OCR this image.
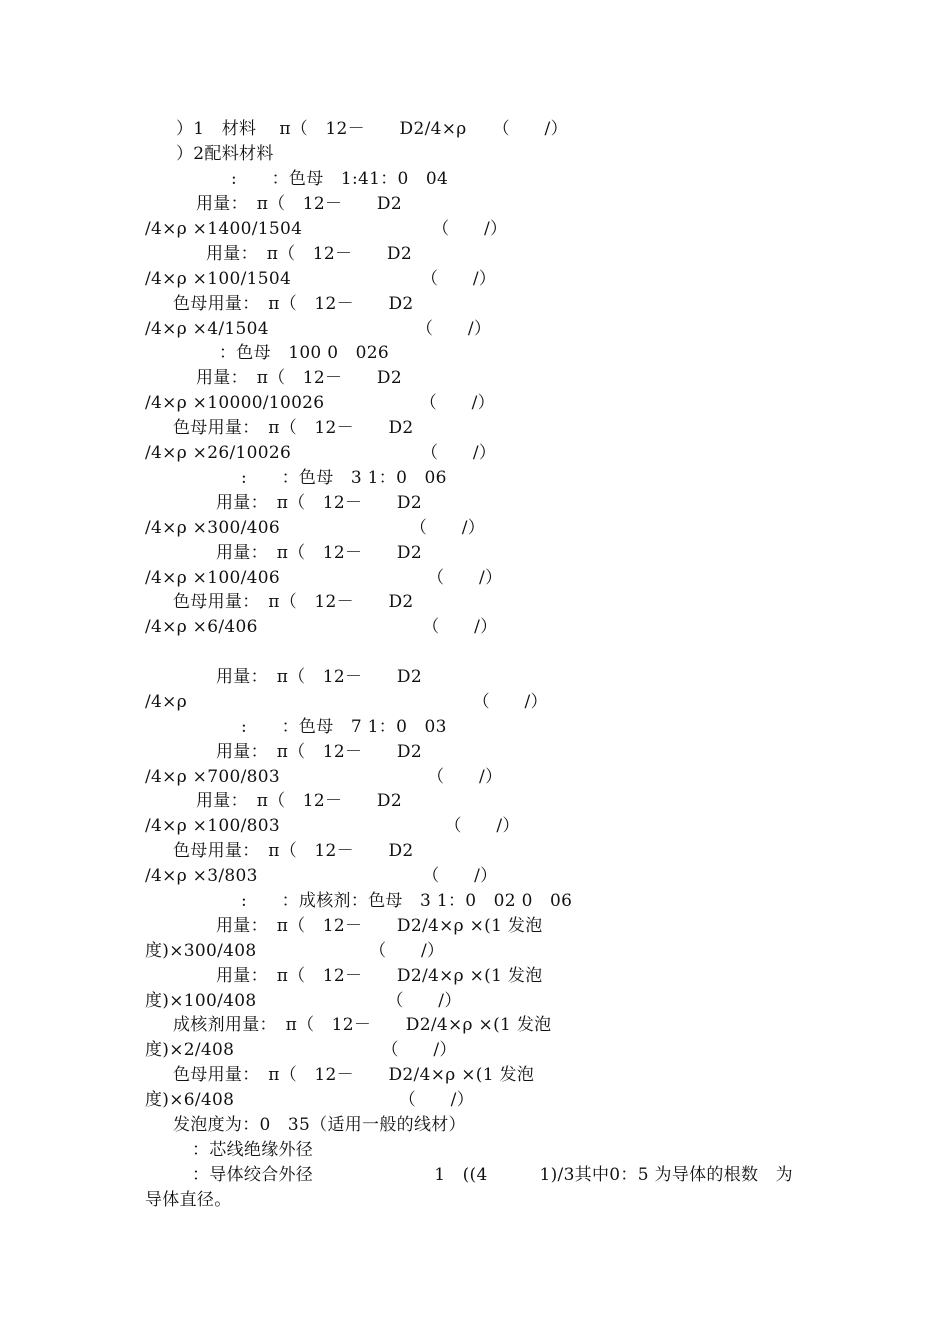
）1　材料　 π（　12－　　D2/4×ρ　　（　　/）
）2配料材料
:　　：色母　1:41：0　04
用量：　π（　12－　　D2
/4×ρ ×1400/1504　　　　　　　　（　　/）
用量：　π（　12－　　D2
/4×ρ ×100/1504　　　　　　　　（　　/）
色母用量：　π（　12－　　D2
/4×ρ ×4/1504　　　　　　　　　（　　/）
：色母　100 0　026
用量：　π（　12－　　D2
/4×ρ ×10000/10026　　　　　　（　　/）
色母用量：　π（　12－　　D2
/4×ρ ×26/10026　　　　　　　　（　　/）
:　　：色母　3 1：0　06
用量：　π（　12－　　D2
/4×ρ ×300/406　　　　　　　　（　　/）
用量：　π（　12－　　D2
/4×ρ ×100/406　　　　　　　　　（　　/）
色母用量：　π（　12－　　D2
/4×ρ ×6/406　　　　　　　　　　（　　/）
用量：　π（　12－　　D2
/4×ρ　　　　　　　　　　　　　　　　　（　　/）
:　　：色母　7 1：0　03
用量：　π（　12－　　D2
/4×ρ ×700/803　　　　　　　　　（　　/）
用量：　π（　12－　　D2
/4×ρ ×100/803　　　　　　　　　　（　　/）
色母用量：　π（　12－　　D2
/4×ρ ×3/803　　　　　　　　　　（　　/）
:　　：成核剂：色母　3 1：0　02 0　06
用量：　π（　12－　　D2/4×ρ ×(1 发泡
度)×300/408　　　　　　　（　　/）
用量：　π（　12－　　D2/4×ρ ×(1 发泡
度)×100/408　　　　　　　　（　　/）
成核剂用量：　π（　12－　　D2/4×ρ ×(1 发泡
度)×2/408　　　　　　　　　（　　/）
色母用量：　π（　12－　　D2/4×ρ ×(1 发泡
度)×6/408　　　　　　　　　　（　　/）
发泡度为：0　35（适用一般的线材）
：芯线绝缘外径
：导体绞合外径　　　　　　　1　((4　　　1)/3其中0：5 为导体的根数　为
导体直径。
